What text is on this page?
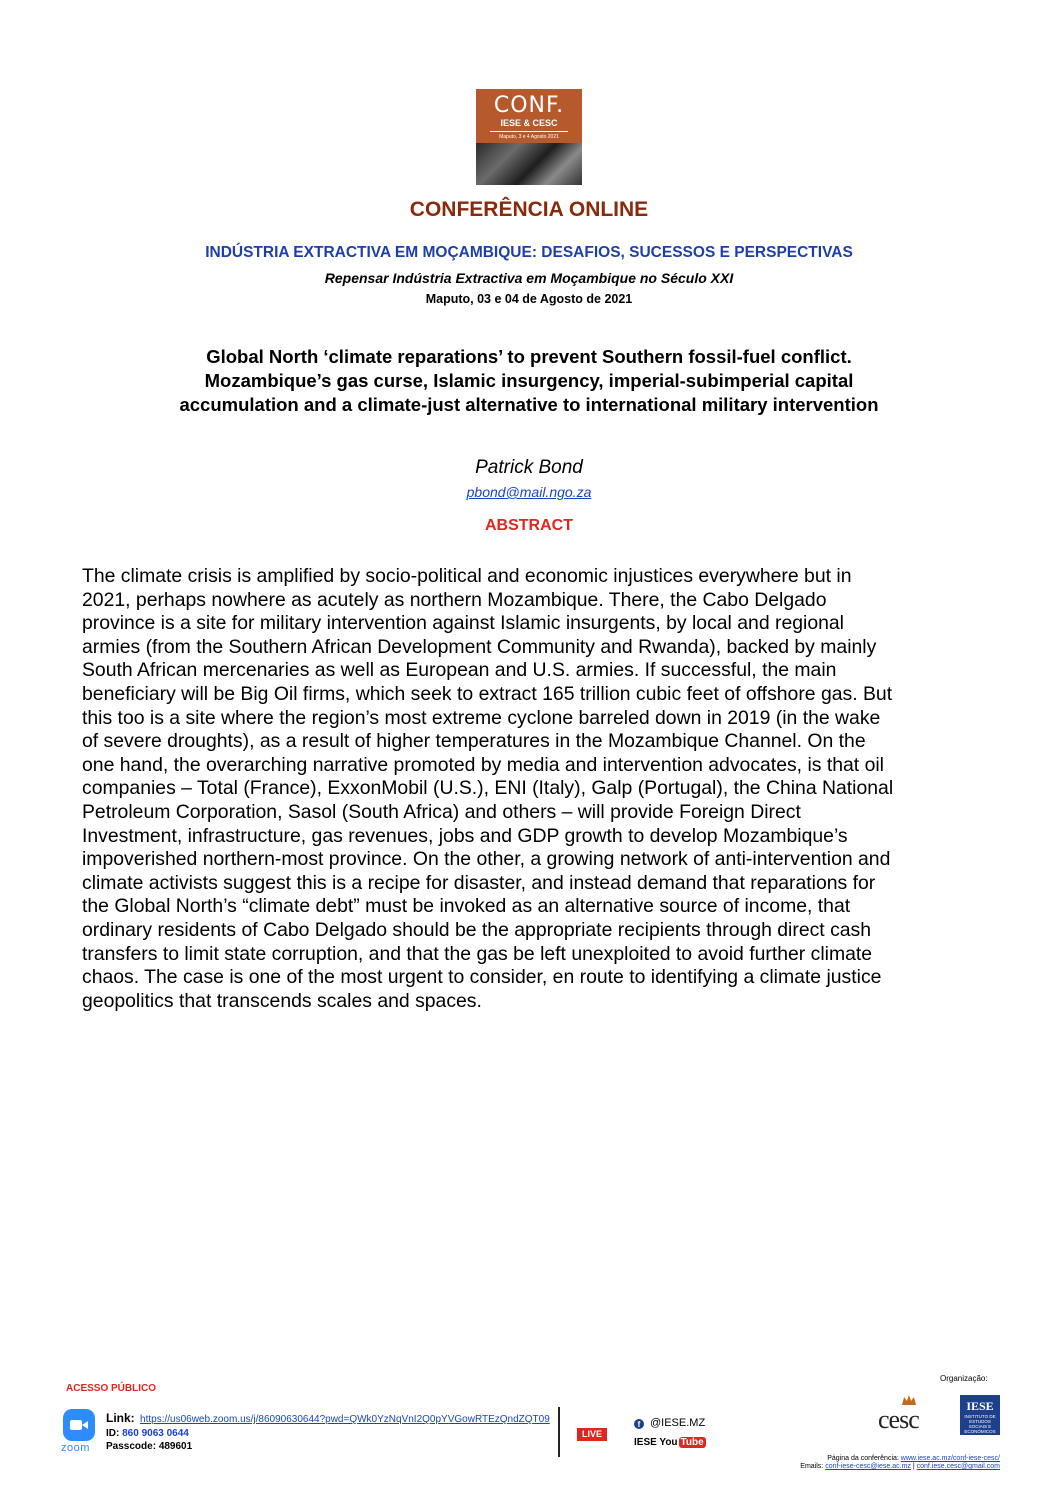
CONF.
IESE & CESC
Maputo, 3 e 4 Agosto 2021
CONFERÊNCIA ONLINE
INDÚSTRIA EXTRACTIVA EM MOÇAMBIQUE: DESAFIOS, SUCESSOS E PERSPECTIVAS
Repensar Indústria Extractiva em Moçambique no Século XXI
Maputo, 03 e 04 de Agosto de 2021
Global North ‘climate reparations’ to prevent Southern fossil-fuel conflict.
Mozambique’s gas curse, Islamic insurgency, imperial-subimperial capital
accumulation and a climate-just alternative to international military intervention
Patrick Bond
pbond@mail.ngo.za
ABSTRACT
The climate crisis is amplified by socio-political and economic injustices everywhere but in
2021, perhaps nowhere as acutely as northern Mozambique. There, the Cabo Delgado
province is a site for military intervention against Islamic insurgents, by local and regional
armies (from the Southern African Development Community and Rwanda), backed by mainly
South African mercenaries as well as European and U.S. armies. If successful, the main
beneficiary will be Big Oil firms, which seek to extract 165 trillion cubic feet of offshore gas. But
this too is a site where the region’s most extreme cyclone barreled down in 2019 (in the wake
of severe droughts), as a result of higher temperatures in the Mozambique Channel. On the
one hand, the overarching narrative promoted by media and intervention advocates, is that oil
companies – Total (France), ExxonMobil (U.S.), ENI (Italy), Galp (Portugal), the China National
Petroleum Corporation, Sasol (South Africa) and others – will provide Foreign Direct
Investment, infrastructure, gas revenues, jobs and GDP growth to develop Mozambique’s
impoverished northern-most province. On the other, a growing network of anti-intervention and
climate activists suggest this is a recipe for disaster, and instead demand that reparations for
the Global North’s “climate debt” must be invoked as an alternative source of income, that
ordinary residents of Cabo Delgado should be the appropriate recipients through direct cash
transfers to limit state corruption, and that the gas be left unexploited to avoid further climate
chaos. The case is one of the most urgent to consider, en route to identifying a climate justice
geopolitics that transcends scales and spaces.
ACESSO PÚBLICO
zoom
Link: https://us06web.zoom.us/j/86090630644?pwd=QWk0YzNqVnI2Q0pYVGowRTEzQndZQT09
ID: 860 9063 0644
Passcode: 489601
LIVE
f @IESE.MZ
IESE You Tube
Organização:
cesc	IESE
INSTITUTO DE ESTUDOS SOCIAIS E ECONÓMICOS
Página da conferência: www.iese.ac.mz/conf-iese-cesc/
Emails: conf-iese-cesc@iese.ac.mz | conf.iese.cesc@gmail.com
